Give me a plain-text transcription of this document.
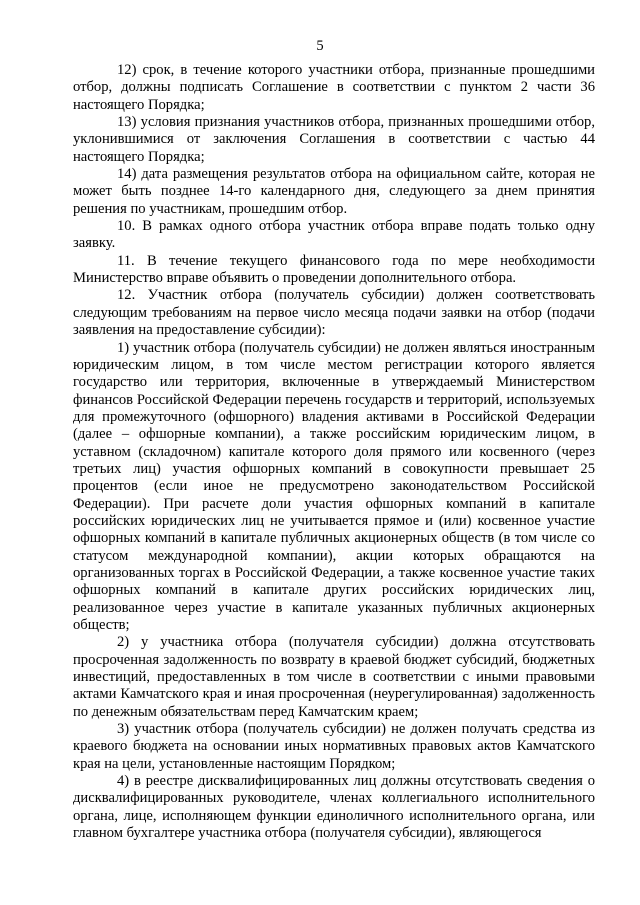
5

12) срок, в течение которого участники отбора, признанные прошедшими отбор, должны подписать Соглашение в соответствии с пунктом 2 части 36 настоящего Порядка;

13) условия признания участников отбора, признанных прошедшими отбор, уклонившимися от заключения Соглашения в соответствии с частью 44 настоящего Порядка;

14) дата размещения результатов отбора на официальном сайте, которая не может быть позднее 14-го календарного дня, следующего за днем принятия решения по участникам, прошедшим отбор.

10. В рамках одного отбора участник отбора вправе подать только одну заявку.

11. В течение текущего финансового года по мере необходимости Министерство вправе объявить о проведении дополнительного отбора.

12. Участник отбора (получатель субсидии) должен соответствовать следующим требованиям на первое число месяца подачи заявки на отбор (подачи заявления на предоставление субсидии):

1) участник отбора (получатель субсидии) не должен являться иностранным юридическим лицом, в том числе местом регистрации которого является государство или территория, включенные в утверждаемый Министерством финансов Российской Федерации перечень государств и территорий, используемых для промежуточного (офшорного) владения активами в Российской Федерации (далее – офшорные компании), а также российским юридическим лицом, в уставном (складочном) капитале которого доля прямого или косвенного (через третьих лиц) участия офшорных компаний в совокупности превышает 25 процентов (если иное не предусмотрено законодательством Российской Федерации). При расчете доли участия офшорных компаний в капитале российских юридических лиц не учитывается прямое и (или) косвенное участие офшорных компаний в капитале публичных акционерных обществ (в том числе со статусом международной компании), акции которых обращаются на организованных торгах в Российской Федерации, а также косвенное участие таких офшорных компаний в капитале других российских юридических лиц, реализованное через участие в капитале указанных публичных акционерных обществ;

2) у участника отбора (получателя субсидии) должна отсутствовать просроченная задолженность по возврату в краевой бюджет субсидий, бюджетных инвестиций, предоставленных в том числе в соответствии с иными правовыми актами Камчатского края и иная просроченная (неурегулированная) задолженность по денежным обязательствам перед Камчатским краем;

3) участник отбора (получатель субсидии) не должен получать средства из краевого бюджета на основании иных нормативных правовых актов Камчатского края на цели, установленные настоящим Порядком;

4) в реестре дисквалифицированных лиц должны отсутствовать сведения о дисквалифицированных руководителе, членах коллегиального исполнительного органа, лице, исполняющем функции единоличного исполнительного органа, или главном бухгалтере участника отбора (получателя субсидии), являющегося
